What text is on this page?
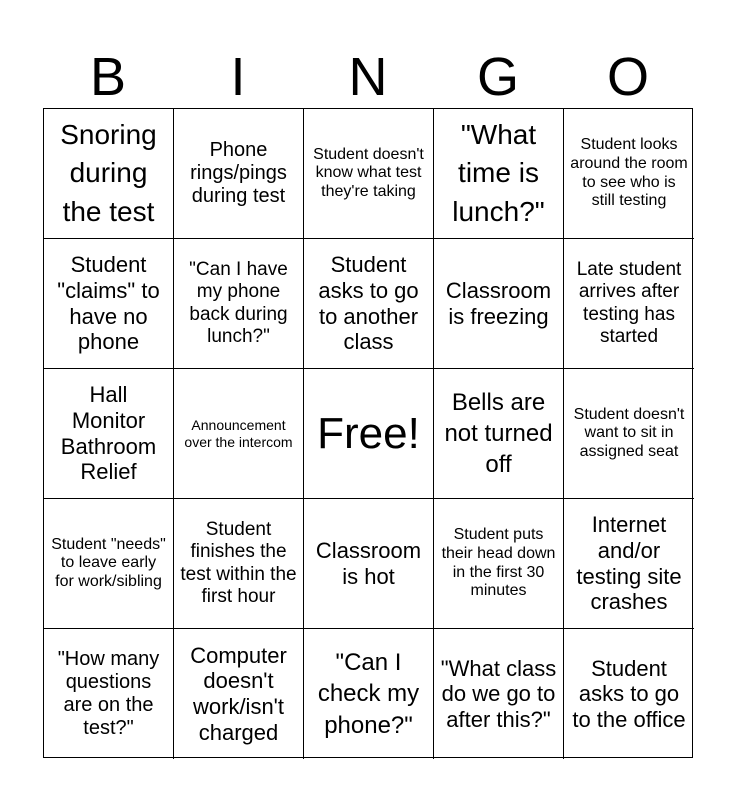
B	I	N	G	O
Snoring during the test
Phone rings/pings during test
Student doesn't know what test they're taking
"What time is lunch?"
Student looks around the room to see who is still testing
Student "claims" to have no phone
"Can I have my phone back during lunch?"
Student asks to go to another class
Classroom is freezing
Late student arrives after testing has started
Hall Monitor Bathroom Relief
Announcement over the intercom Free!
Bells are not turned off
Student doesn't want to sit in assigned seat
Student "needs" to leave early for work/sibling
Student finishes the test within the first hour
Classroom is hot
Student puts their head down in the first 30 minutes
Internet and/or testing site crashes
"How many questions are on the test?"
Computer doesn't work/isn't charged
"Can I check my phone?"
"What class do we go to after this?"
Student asks to go to the office
